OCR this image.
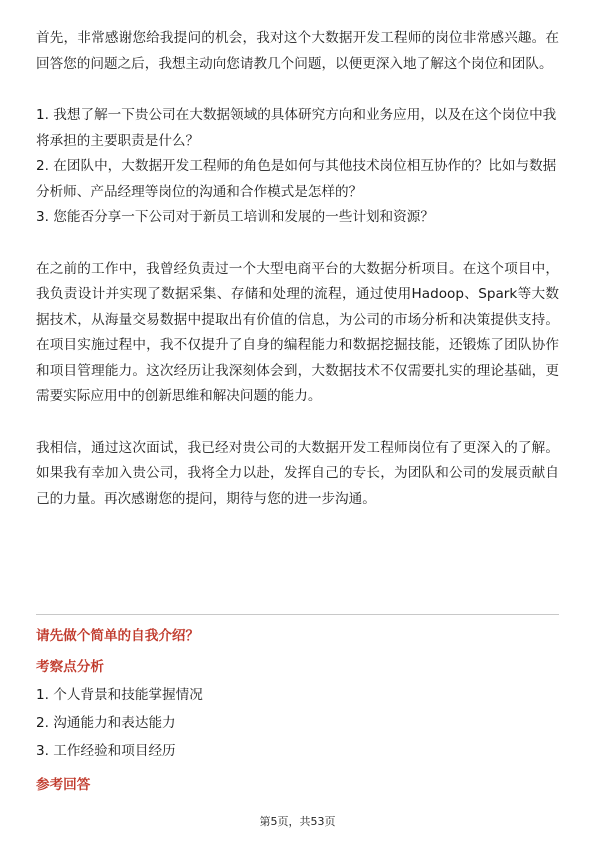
首先，非常感谢您给我提问的机会，我对这个大数据开发工程师的岗位非常感兴趣。在回答您的问题之后，我想主动向您请教几个问题，以便更深入地了解这个岗位和团队。

1. 我想了解一下贵公司在大数据领域的具体研究方向和业务应用，以及在这个岗位中我将承担的主要职责是什么？

2. 在团队中，大数据开发工程师的角色是如何与其他技术岗位相互协作的？比如与数据分析师、产品经理等岗位的沟通和合作模式是怎样的？

3. 您能否分享一下公司对于新员工培训和发展的一些计划和资源？

在之前的工作中，我曾经负责过一个大型电商平台的大数据分析项目。在这个项目中，我负责设计并实现了数据采集、存储和处理的流程，通过使用Hadoop、Spark等大数据技术，从海量交易数据中提取出有价值的信息，为公司的市场分析和决策提供支持。在项目实施过程中，我不仅提升了自身的编程能力和数据挖掘技能，还锻炼了团队协作和项目管理能力。这次经历让我深刻体会到，大数据技术不仅需要扎实的理论基础，更需要实际应用中的创新思维和解决问题的能力。

我相信，通过这次面试，我已经对贵公司的大数据开发工程师岗位有了更深入的了解。如果我有幸加入贵公司，我将全力以赴，发挥自己的专长，为团队和公司的发展贡献自己的力量。再次感谢您的提问，期待与您的进一步沟通。

请先做个简单的自我介绍？

考察点分析

1. 个人背景和技能掌握情况

2. 沟通能力和表达能力

3. 工作经验和项目经历

参考回答

第5页，共53页
